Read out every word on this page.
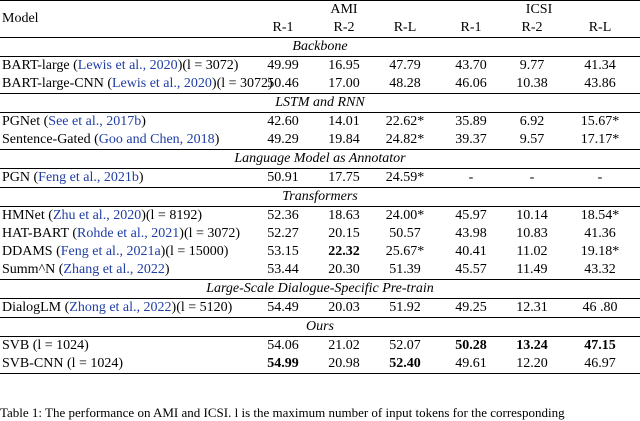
Model	AMI			ICSI		
	R-1	R-2	R-L	R-1	R-2	R-L
Backbone						
BART-large (Lewis et al., 2020)(l = 3072)	49.99	16.95	47.79	43.70	9.77	41.34
BART-large-CNN (Lewis et al., 2020)(l = 3072)	50.46	17.00	48.28	46.06	10.38	43.86
LSTM and RNN						
PGNet (See et al., 2017b)	42.60	14.01	22.62*	35.89	6.92	15.67*
Sentence-Gated (Goo and Chen, 2018)	49.29	19.84	24.82*	39.37	9.57	17.17*
Language Model as Annotator						
PGN (Feng et al., 2021b)	50.91	17.75	24.59*	-	-	-
Transformers						
HMNet (Zhu et al., 2020)(l = 8192)	52.36	18.63	24.00*	45.97	10.14	18.54*
HAT-BART (Rohde et al., 2021)(l = 3072)	52.27	20.15	50.57	43.98	10.83	41.36
DDAMS (Feng et al., 2021a)(l = 15000)	53.15	22.32	25.67*	40.41	11.02	19.18*
Summ^N (Zhang et al., 2022)	53.44	20.30	51.39	45.57	11.49	43.32
Large-Scale Dialogue-Specific Pre-train						
DialogLM (Zhong et al., 2022)(l = 5120)	54.49	20.03	51.92	49.25	12.31	46 .80
Ours						
SVB (l = 1024)	54.06	21.02	52.07	50.28	13.24	47.15
SVB-CNN (l = 1024)	54.99	20.98	52.40	49.61	12.20	46.97
Table 1: The performance on AMI and ICSI. l is the maximum number of input tokens for the corresponding
